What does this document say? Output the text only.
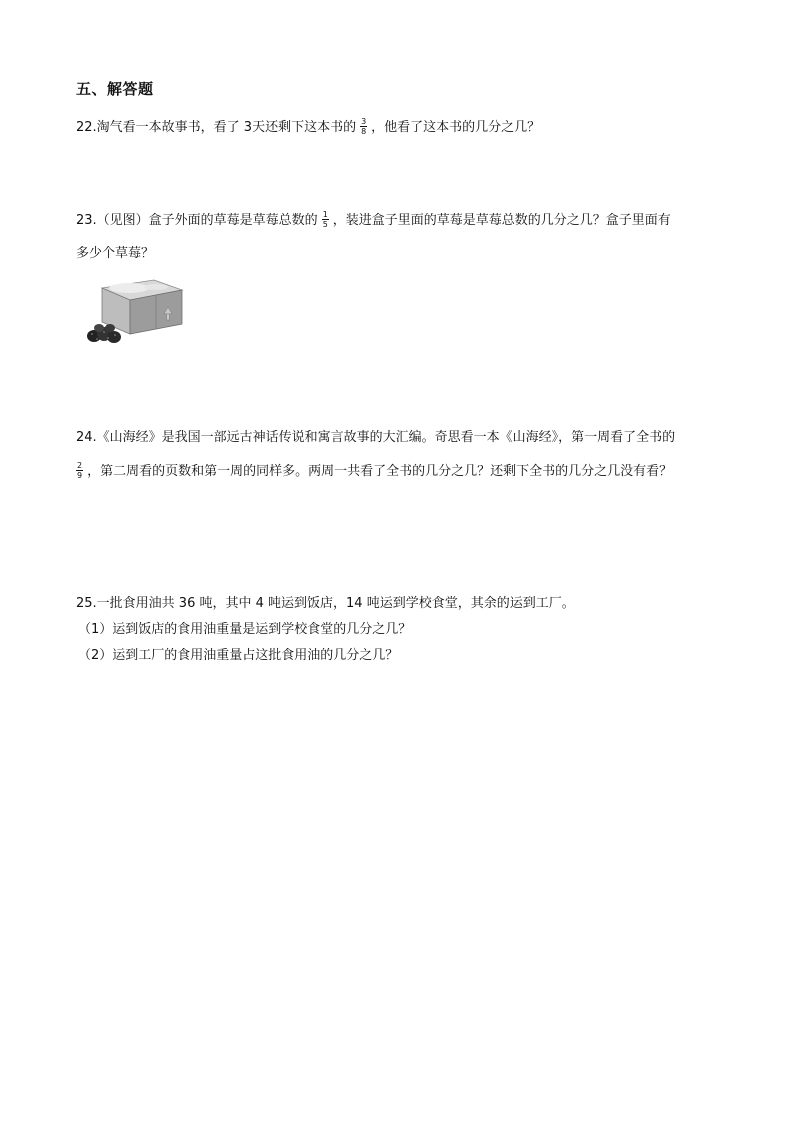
五、解答题
22.淘气看一本故事书，看了 3天还剩下这本书的 $\frac{3}{8}$ ，他看了这本书的几分之几？
23.（见图）盒子外面的草莓是草莓总数的 $\frac{1}{5}$ ，装进盒子里面的草莓是草莓总数的几分之几？盒子里面有
多少个草莓？
24.《山海经》是我国一部远古神话传说和寓言故事的大汇编。奇思看一本《山海经》，第一周看了全书的
$\frac{2}{9}$ ，第二周看的页数和第一周的同样多。两周一共看了全书的几分之几？还剩下全书的几分之几没有看？
25.一批食用油共 36 吨，其中 4 吨运到饭店，14 吨运到学校食堂，其余的运到工厂。
（1）运到饭店的食用油重量是运到学校食堂的几分之几？
（2）运到工厂的食用油重量占这批食用油的几分之几？
